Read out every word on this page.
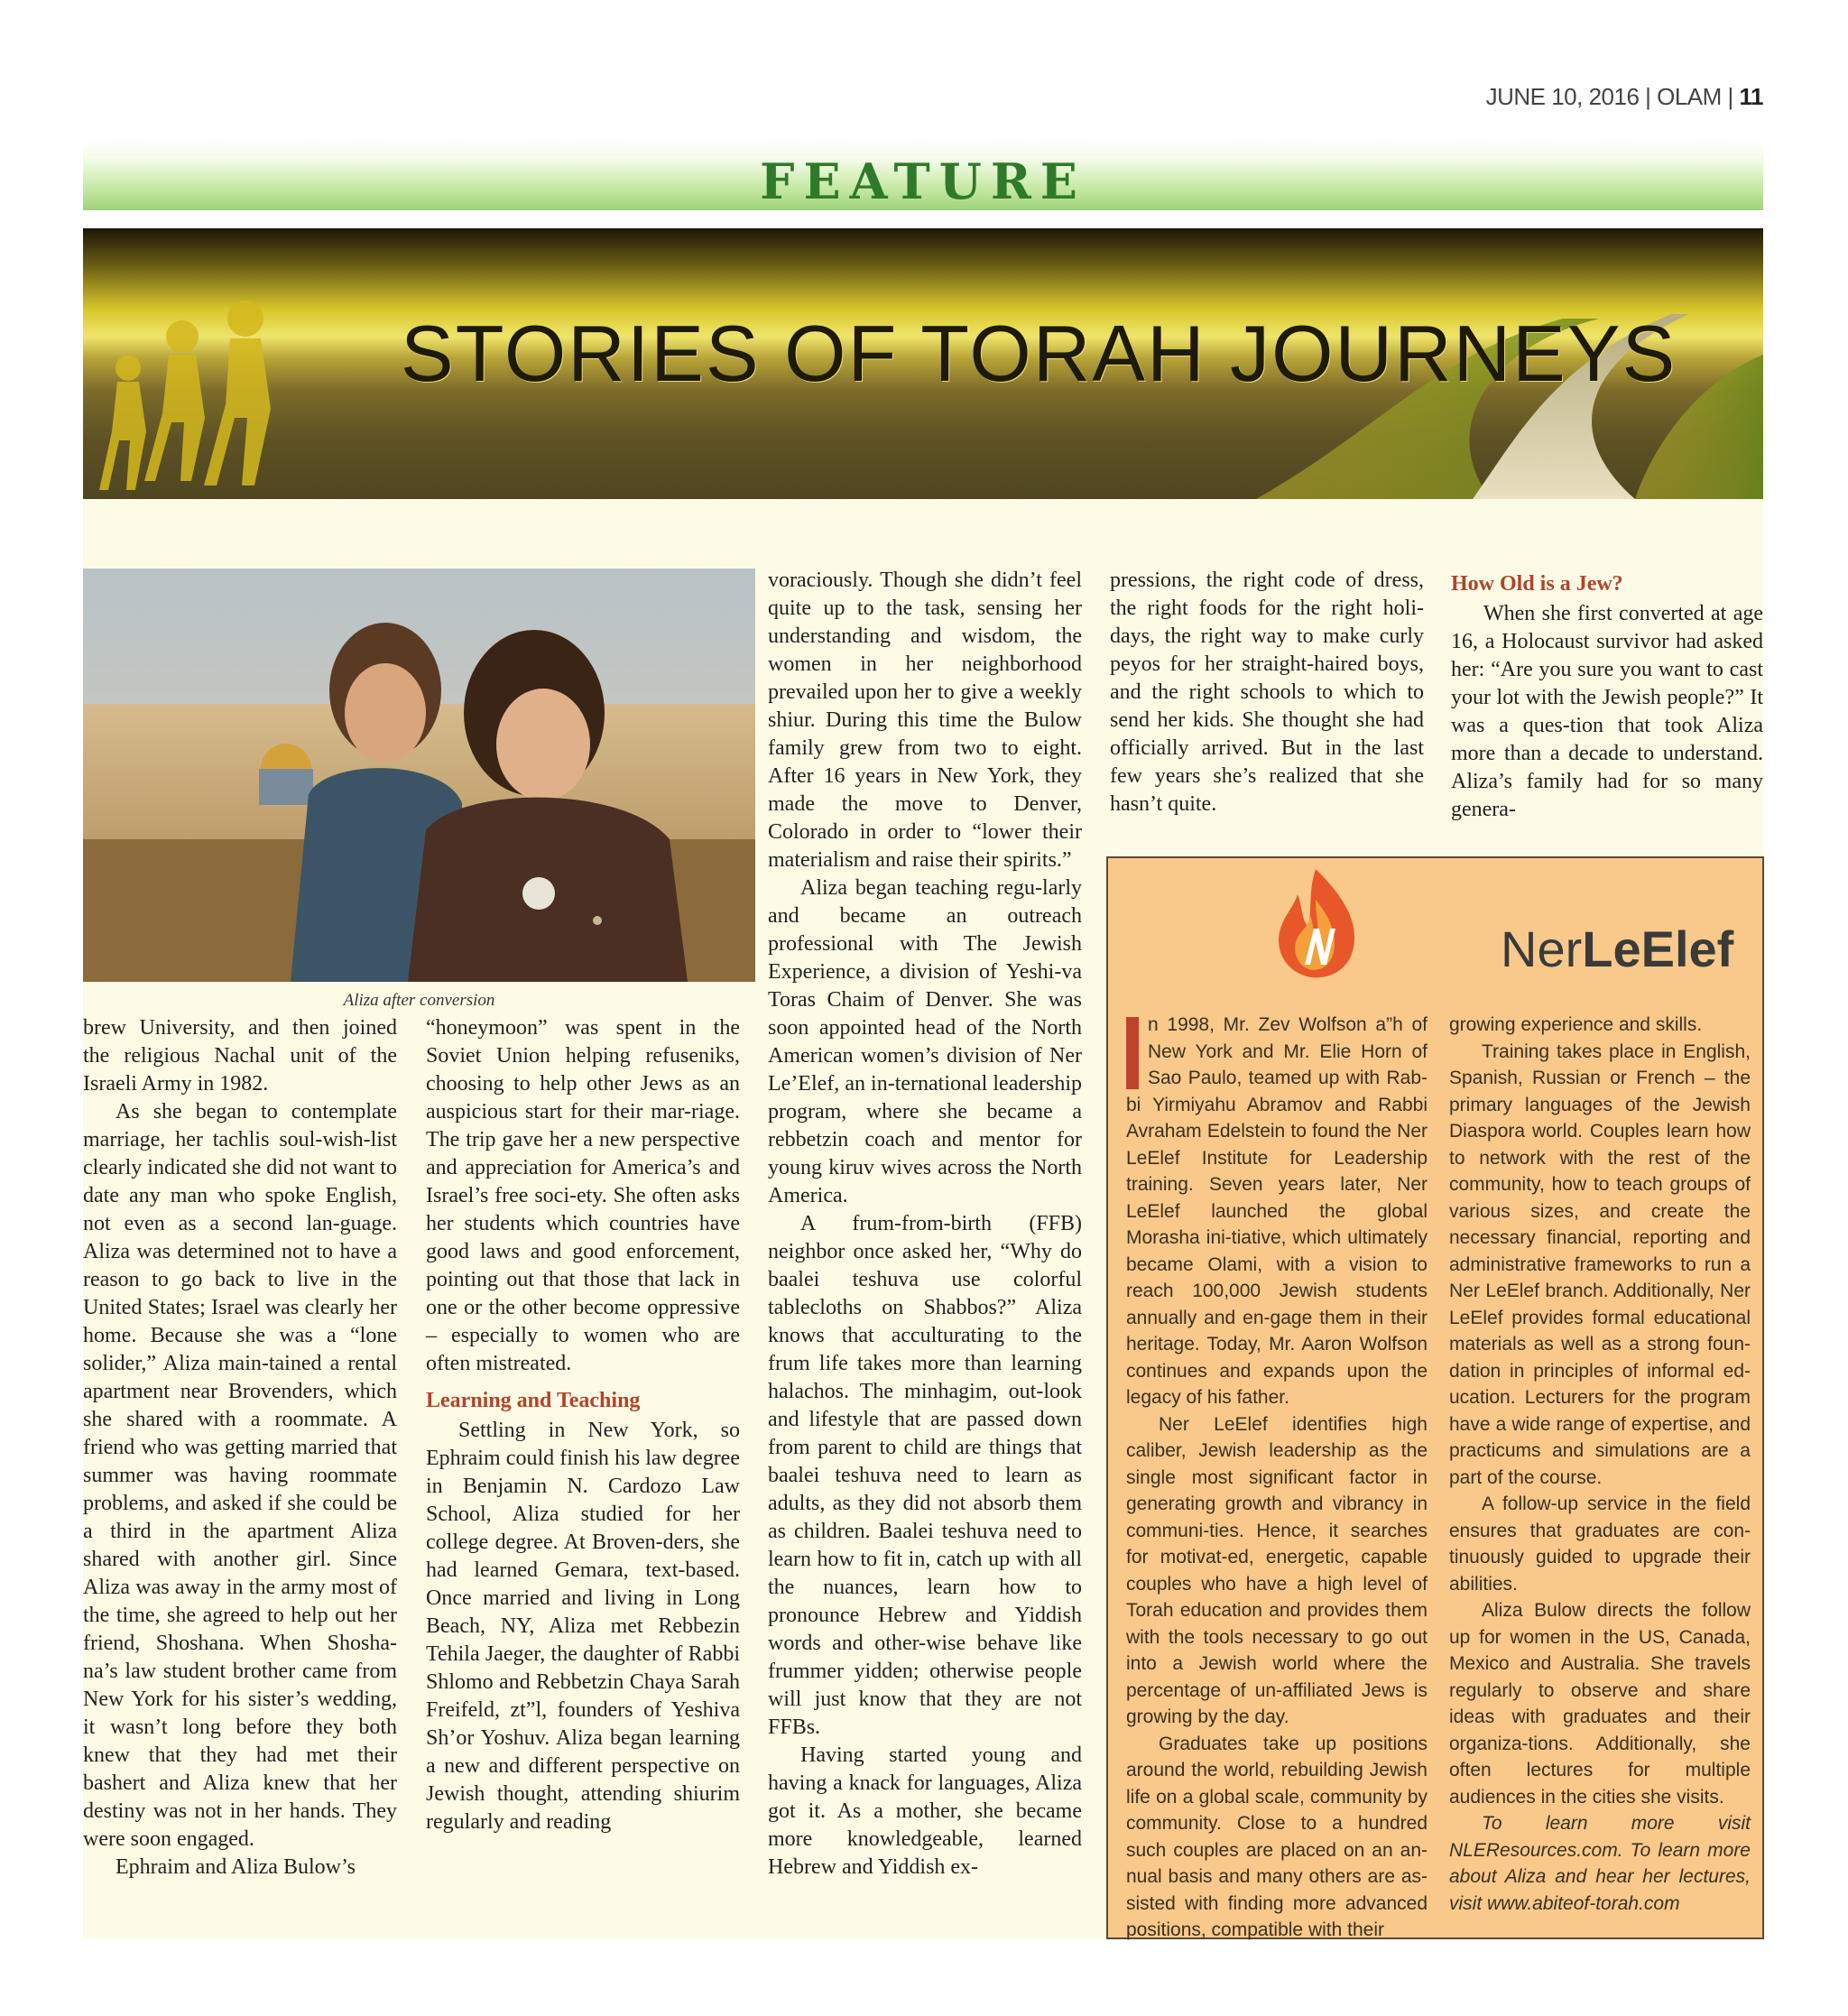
JUNE 10, 2016 | OLAM | 11
FEATURE
STORIES OF TORAH JOURNEYS
Aliza after conversion

brew University, and then joined the religious Nachal unit of the Israeli Army in 1982.

As she began to contemplate marriage, her tachlis soul-wish-list clearly indicated she did not want to date any man who spoke English, not even as a second lan-guage. Aliza was determined not to have a reason to go back to live in the United States; Israel was clearly her home. Because she was a “lone solider,” Aliza main-tained a rental apartment near Brovenders, which she shared with a roommate. A friend who was getting married that summer was having roommate problems, and asked if she could be a third in the apartment Aliza shared with another girl. Since Aliza was away in the army most of the time, she agreed to help out her friend, Shoshana. When Shosha-na’s law student brother came from New York for his sister’s wedding, it wasn’t long before they both knew that they had met their bashert and Aliza knew that her destiny was not in her hands. They were soon engaged.

Ephraim and Aliza Bulow’s

“honeymoon” was spent in the Soviet Union helping refuseniks, choosing to help other Jews as an auspicious start for their mar-riage. The trip gave her a new perspective and appreciation for America’s and Israel’s free soci-ety. She often asks her students which countries have good laws and good enforcement, pointing out that those that lack in one or the other become oppressive – especially to women who are often mistreated.

Learning and Teaching

Settling in New York, so Ephraim could finish his law degree in Benjamin N. Cardozo Law School, Aliza studied for her college degree. At Broven-ders, she had learned Gemara, text-based. Once married and living in Long Beach, NY, Aliza met Rebbezin Tehila Jaeger, the daughter of Rabbi Shlomo and Rebbetzin Chaya Sarah Freifeld, zt”l, founders of Yeshiva Sh’or Yoshuv. Aliza began learning a new and different perspective on Jewish thought, attending shiurim regularly and reading

voraciously. Though she didn’t feel quite up to the task, sensing her understanding and wisdom, the women in her neighborhood prevailed upon her to give a weekly shiur. During this time the Bulow family grew from two to eight. After 16 years in New York, they made the move to Denver, Colorado in order to “lower their materialism and raise their spirits.”

Aliza began teaching regu-larly and became an outreach professional with The Jewish Experience, a division of Yeshi-va Toras Chaim of Denver. She was soon appointed head of the North American women’s division of Ner Le’Elef, an in-ternational leadership program, where she became a rebbetzin coach and mentor for young kiruv wives across the North America.

A frum-from-birth (FFB) neighbor once asked her, “Why do baalei teshuva use colorful tablecloths on Shabbos?” Aliza knows that acculturating to the frum life takes more than learning halachos. The minhagim, out-look and lifestyle that are passed down from parent to child are things that baalei teshuva need to learn as adults, as they did not absorb them as children. Baalei teshuva need to learn how to fit in, catch up with all the nuances, learn how to pronounce Hebrew and Yiddish words and other-wise behave like frummer yidden; otherwise people will just know that they are not FFBs.

Having started young and having a knack for languages, Aliza got it. As a mother, she became more knowledgeable, learned Hebrew and Yiddish ex-

pressions, the right code of dress, the right foods for the right holi-days, the right way to make curly peyos for her straight-haired boys, and the right schools to which to send her kids. She thought she had officially arrived. But in the last few years she’s realized that she hasn’t quite.

How Old is a Jew?

When she first converted at age 16, a Holocaust survivor had asked her: “Are you sure you want to cast your lot with the Jewish people?” It was a ques-tion that took Aliza more than a decade to understand. Aliza’s family had for so many genera-

NerLeElef

n 1998, Mr. Zev Wolfson a”h of New York and Mr. Elie Horn of Sao Paulo, teamed up with Rab-bi Yirmiyahu Abramov and Rabbi Avraham Edelstein to found the Ner LeElef Institute for Leadership training. Seven years later, Ner LeElef launched the global Morasha ini-tiative, which ultimately became Olami, with a vision to reach 100,000 Jewish students annually and en-gage them in their heritage. Today, Mr. Aaron Wolfson continues and expands upon the legacy of his father.

Ner LeElef identifies high caliber, Jewish leadership as the single most significant factor in generating growth and vibrancy in communi-ties. Hence, it searches for motivat-ed, energetic, capable couples who have a high level of Torah education and provides them with the tools necessary to go out into a Jewish world where the percentage of un-affiliated Jews is growing by the day.

Graduates take up positions around the world, rebuilding Jewish life on a global scale, community by community. Close to a hundred such couples are placed on an an-nual basis and many others are as-sisted with finding more advanced positions, compatible with their

growing experience and skills.

Training takes place in English, Spanish, Russian or French – the primary languages of the Jewish Diaspora world. Couples learn how to network with the rest of the community, how to teach groups of various sizes, and create the necessary financial, reporting and administrative frameworks to run a Ner LeElef branch. Additionally, Ner LeElef provides formal educational materials as well as a strong foun-dation in principles of informal ed-ucation. Lecturers for the program have a wide range of expertise, and practicums and simulations are a part of the course.

A follow-up service in the field ensures that graduates are con-tinuously guided to upgrade their abilities.

Aliza Bulow directs the follow up for women in the US, Canada, Mexico and Australia. She travels regularly to observe and share ideas with graduates and their organiza-tions. Additionally, she often lectures for multiple audiences in the cities she visits.

To learn more visit NLEResources.com. To learn more about Aliza and hear her lectures, visit www.abiteof-torah.com
